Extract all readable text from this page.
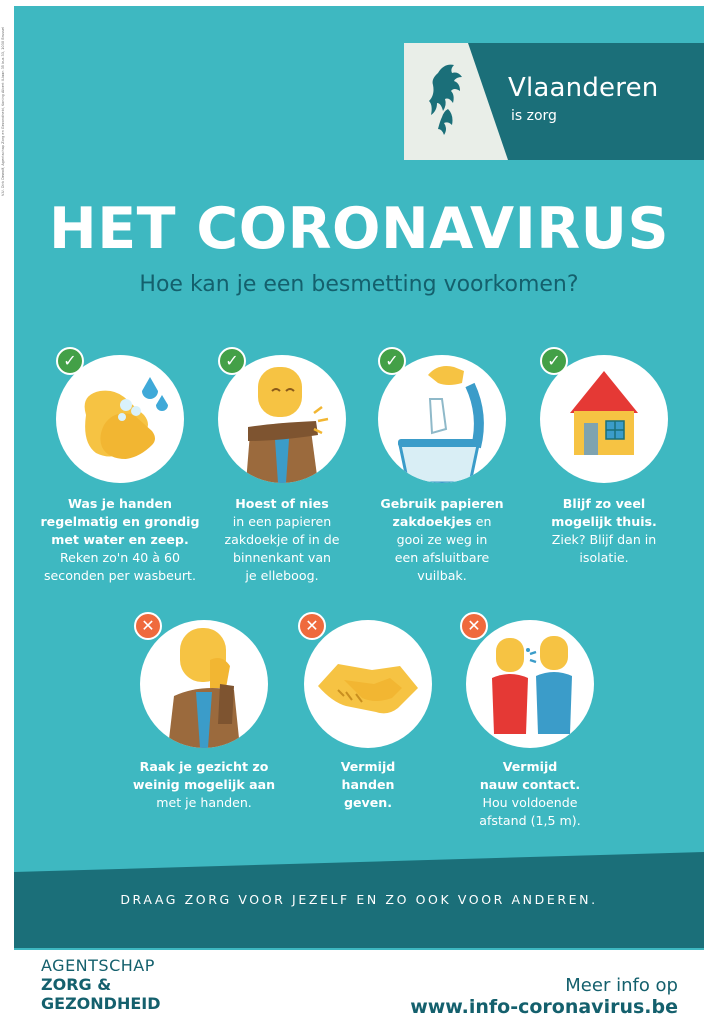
V.U. Dirk Dewolf, Agentschap Zorg en Gezondheid, Koning Albert II-laan 35 bus 33, 1030 Brussel	Vlaanderen
is zorg
HET CORONAVIRUS
Hoe kan je een besmetting voorkomen?
✓
Was je handen
regelmatig en grondig
met water en zeep.
Reken zo'n 40 à 60
seconden per wasbeurt.
✓
Hoest of nies
in een papieren
zakdoekje of in de
binnenkant van
je elleboog.
✓
Gebruik papieren
zakdoekjes en
gooi ze weg in
een afsluitbare
vuilbak.
✓
Blijf zo veel
mogelijk thuis.
Ziek? Blijf dan in
isolatie.
✕
Raak je gezicht zo
weinig mogelijk aan
met je handen.
✕
Vermijd
handen
geven.
✕
Vermijd
nauw contact.
Hou voldoende
afstand (1,5 m).
DRAAG ZORG VOOR JEZELF EN ZO OOK VOOR ANDEREN.
AGENTSCHAP
ZORG &
GEZONDHEID
Meer info op
www.info-coronavirus.be
